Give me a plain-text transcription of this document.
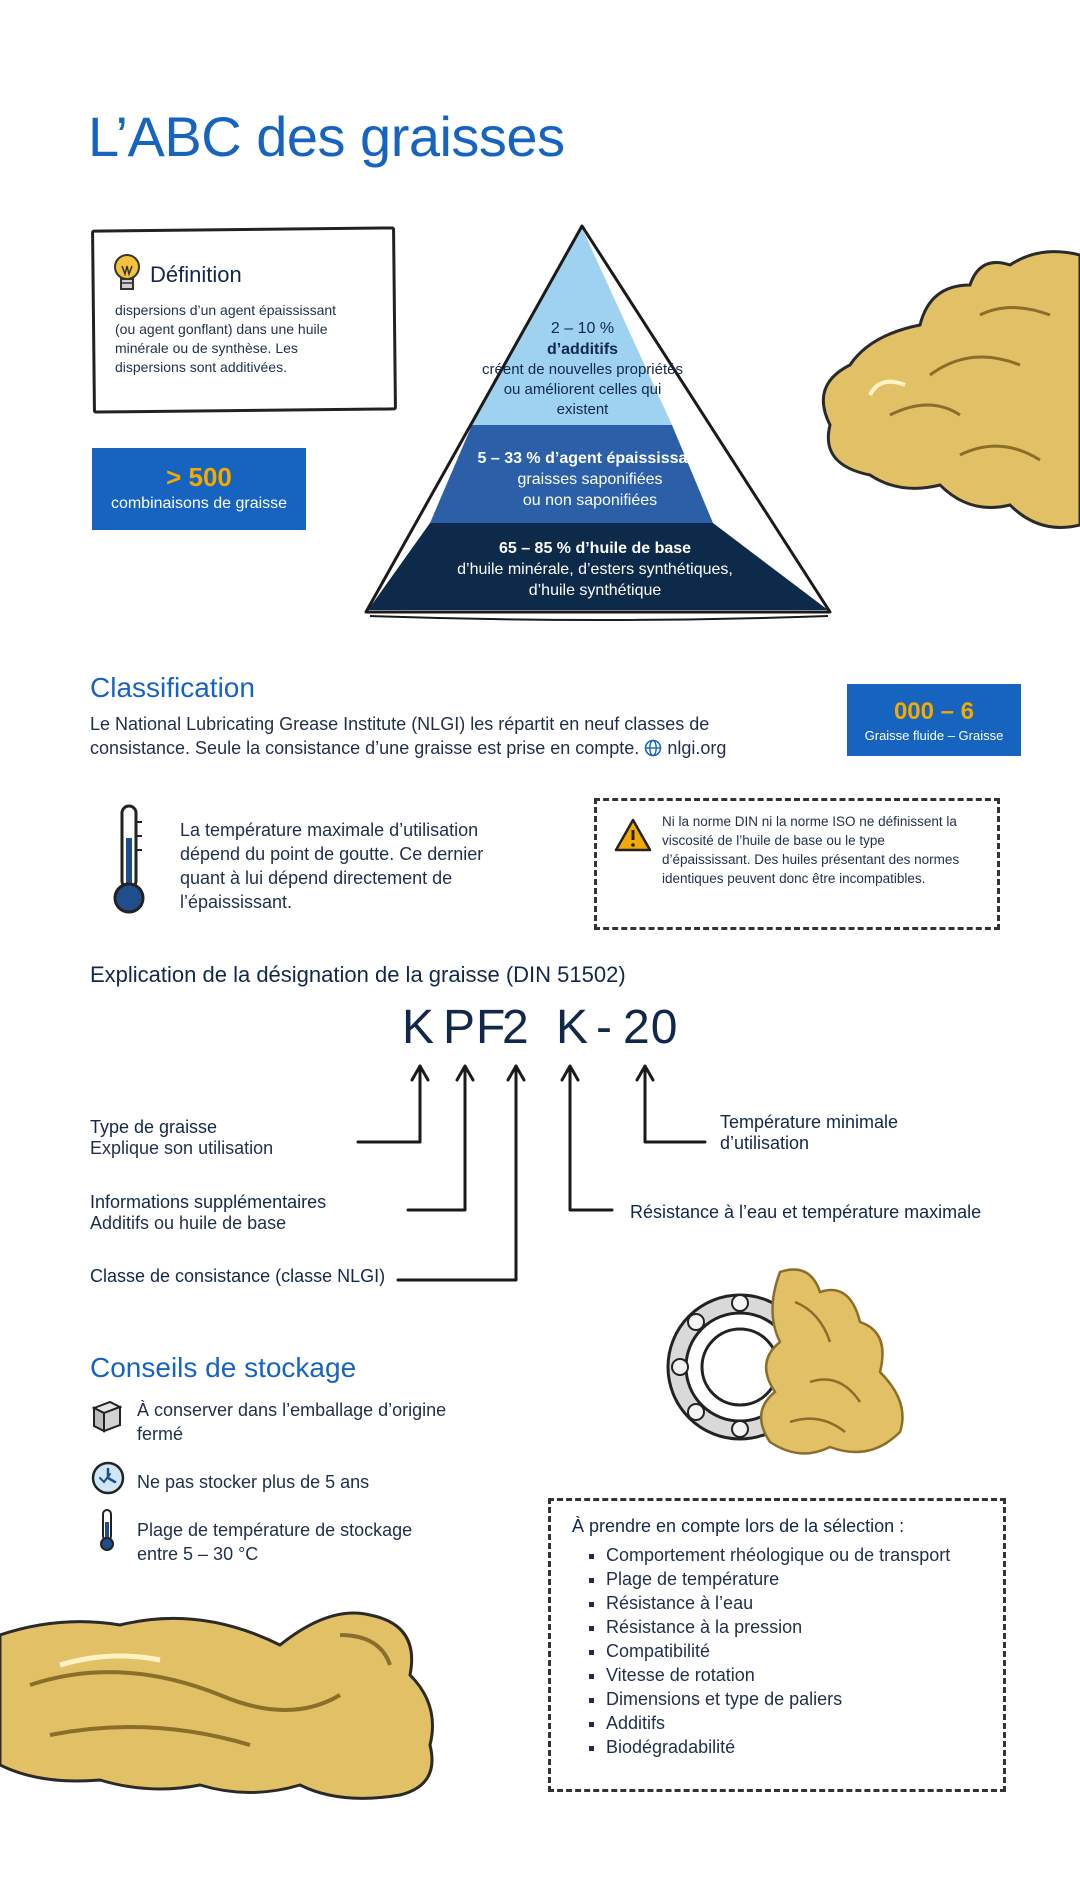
L’ABC des graisses
Définition
dispersions d’un agent épaississant (ou agent gonflant) dans une huile minérale ou de synthèse. Les dispersions sont additivées.
> 500
combinaisons de graisse
2 – 10 %
d’additifs
créent de nouvelles propriétés ou améliorent celles qui existent
5 – 33 % d’agent épaississant
graisses saponifiées
ou non saponifiées
65 – 85 % d’huile de base
d’huile minérale, d’esters synthétiques,
d’huile synthétique
Classification
Le National Lubricating Grease Institute (NLGI) les répartit en neuf classes de consistance. Seule la consistance d’une graisse est prise en compte. nlgi.org
000 – 6
Graisse fluide – Graisse
La température maximale d’utilisation dépend du point de goutte. Ce dernier quant à lui dépend directement de l’épaississant.
Ni la norme DIN ni la norme ISO ne définissent la viscosité de l’huile de base ou le type d’épaississant. Des huiles présentant des normes identiques peuvent donc être incompatibles.
Explication de la désignation de la graisse (DIN 51502)
K PF
2 K - 20
Type de graisse
Explique son utilisation
Informations supplémentaires
Additifs ou huile de base
Classe de consistance (classe NLGI)
Température minimale
d’utilisation
Résistance à l’eau et température maximale
Conseils de stockage
À conserver dans l’emballage d’origine fermé
Ne pas stocker plus de 5 ans
Plage de température de stockage entre 5 – 30 °C
À prendre en compte lors de la sélection :
▪ Comportement rhéologique ou de transport
▪ Plage de température
▪ Résistance à l’eau
▪ Résistance à la pression
▪ Compatibilité
▪ Vitesse de rotation
▪ Dimensions et type de paliers
▪ Additifs
▪ Biodégradabilité
